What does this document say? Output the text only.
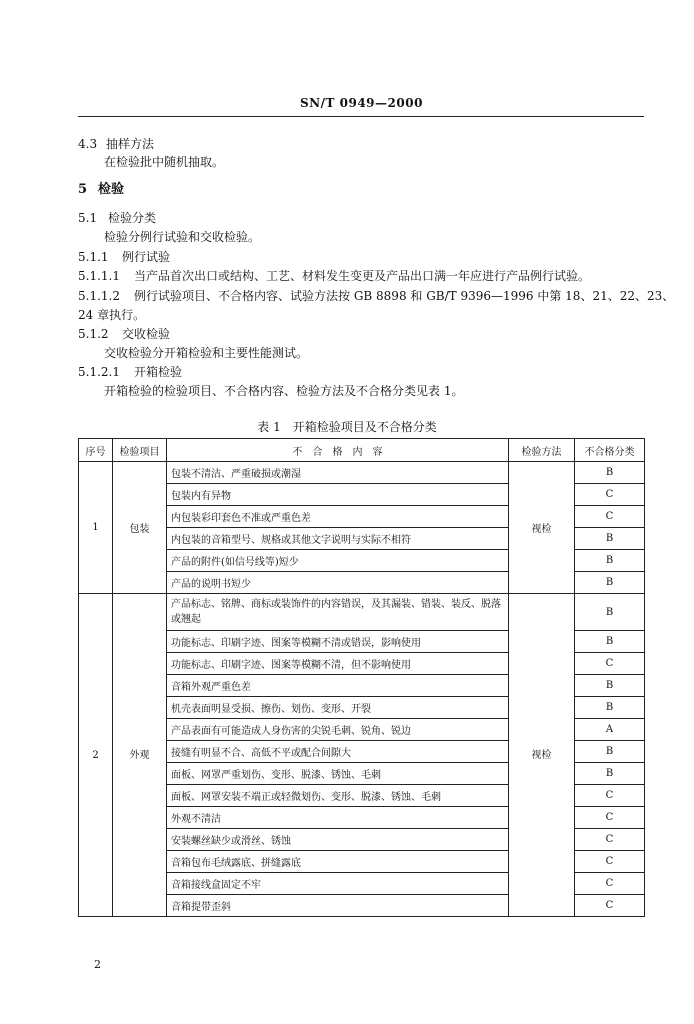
SN/T 0949—2000
4.3 抽样方法
在检验批中随机抽取。
5 检验
5.1 检验分类
检验分例行试验和交收检验。
5.1.1 例行试验
5.1.1.1 当产品首次出口或结构、工艺、材料发生变更及产品出口满一年应进行产品例行试验。
5.1.1.2 例行试验项目、不合格内容、试验方法按 GB 8898 和 GB/T 9396—1996 中第 18、21、22、23、
24 章执行。
5.1.2 交收检验
交收检验分开箱检验和主要性能测试。
5.1.2.1 开箱检验
开箱检验的检验项目、不合格内容、检验方法及不合格分类见表 1。
表 1　开箱检验项目及不合格分类
序号	检验项目	不　合　格　内　容	检验方法	不合格分类
1	包装	包装不清洁、严重破损或潮湿	视检	B
		包装内有异物		C
		内包装彩印套色不准或严重色差		C
		内包装的音箱型号、规格或其他文字说明与实际不相符		B
		产品的附件(如信号线等)短少		B
		产品的说明书短少		B
2	外观	产品标志、铭牌、商标或装饰件的内容错误，及其漏装、错装、装反、脱落或翘起	视检	B
		功能标志、印刷字迹、图案等模糊不清或错误，影响使用		B
		功能标志、印刷字迹、图案等模糊不清，但不影响使用		C
		音箱外观严重色差		B
		机壳表面明显受损、擦伤、划伤、变形、开裂		B
		产品表面有可能造成人身伤害的尖锐毛刺、锐角、锐边		A
		接缝有明显不合、高低不平或配合间隙大		B
		面板、网罩严重划伤、变形、脱漆、锈蚀、毛刺		B
		面板、网罩安装不端正或轻微划伤、变形、脱漆、锈蚀、毛刺		C
		外观不清洁		C
		安装螺丝缺少或滑丝、锈蚀		C
		音箱包布毛绒露底、拼缝露底		C
		音箱接线盒固定不牢		C
		音箱提带歪斜		C
2
